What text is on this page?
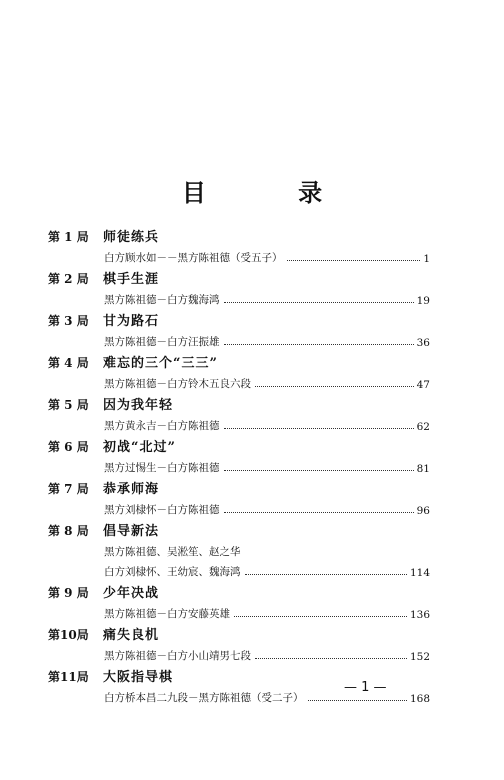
目 录
第 1 局	师徒练兵
白方顾水如－－黑方陈祖德（受五子）	1
第 2 局	棋手生涯
黑方陈祖德－白方魏海鸿	19
第 3 局	甘为路石
黑方陈祖德－白方汪振雄	36
第 4 局	难忘的三个“三三”
黑方陈祖德－白方铃木五良六段	47
第 5 局	因为我年轻
黑方黄永吉－白方陈祖德	62
第 6 局	初战“北过”
黑方过惕生－白方陈祖德	81
第 7 局	恭承师海
黑方刘棣怀－白方陈祖德	96
第 8 局	倡导新法
黑方陈祖德、吴淞笙、赵之华
白方刘棣怀、王幼宸、魏海鸿	114
第 9 局	少年决战
黑方陈祖德－白方安藤英雄	136
第10局	痛失良机
黑方陈祖德－白方小山靖男七段	152
第11局	大阪指导棋
白方桥本昌二九段－黑方陈祖德（受二子）	168
— 1 —
